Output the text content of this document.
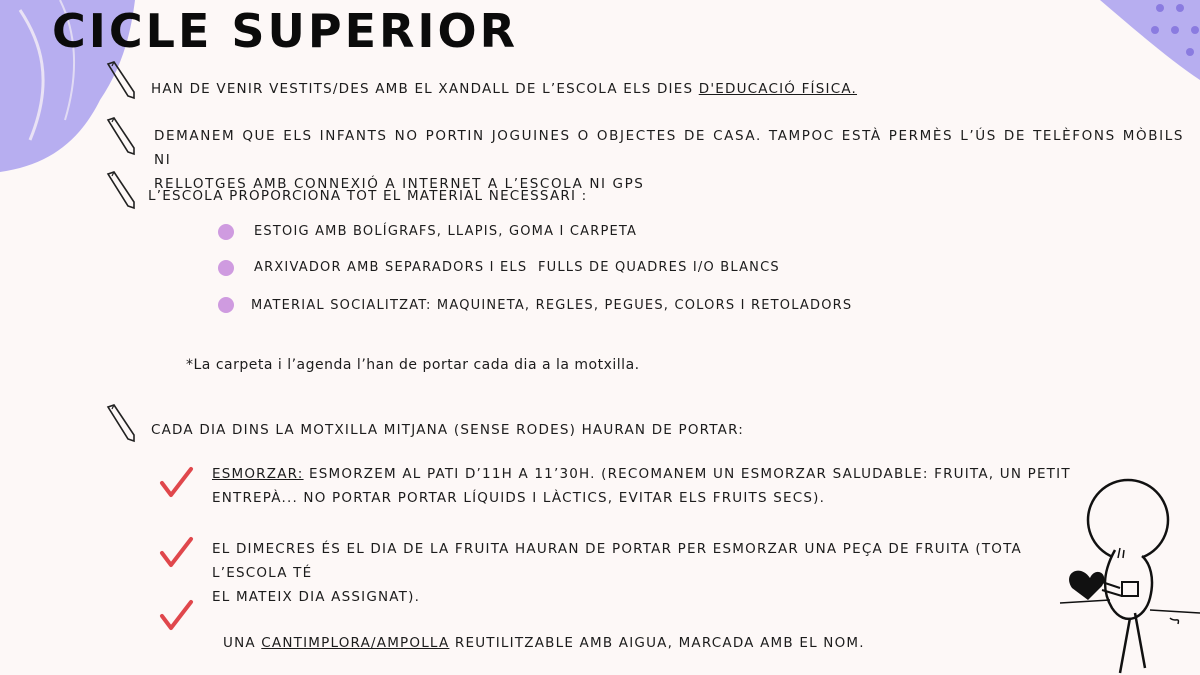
CICLE SUPERIOR
HAN DE VENIR VESTITS/DES AMB EL XANDALL DE L’ESCOLA ELS DIES D'EDUCACIÓ FÍSICA.
DEMANEM QUE ELS INFANTS NO PORTIN JOGUINES O OBJECTES DE CASA. TAMPOC ESTÀ PERMÈS L’ÚS DE TELÈFONS MÒBILS NI
RELLOTGES AMB CONNEXIÓ A INTERNET A L’ESCOLA NI GPS
L’ESCOLA PROPORCIONA TOT EL MATERIAL NECESSARI :
ESTOIG AMB BOLÍGRAFS, LLAPIS, GOMA I CARPETA
ARXIVADOR AMB SEPARADORS I ELS  FULLS DE QUADRES I/O BLANCS
MATERIAL SOCIALITZAT: MAQUINETA, REGLES, PEGUES, COLORS I RETOLADORS
*La carpeta i l’agenda l’han de portar cada dia a la motxilla.
CADA DIA DINS LA MOTXILLA MITJANA (SENSE RODES) HAURAN DE PORTAR:
ESMORZAR: ESMORZEM AL PATI D’11H A 11’30H. (RECOMANEM UN ESMORZAR SALUDABLE: FRUITA, UN PETIT
ENTREPÀ... NO PORTAR PORTAR LÍQUIDS I LÀCTICS, EVITAR ELS FRUITS SECS).
EL DIMECRES ÉS EL DIA DE LA FRUITA HAURAN DE PORTAR PER ESMORZAR UNA PEÇA DE FRUITA (TOTA L’ESCOLA TÉ
EL MATEIX DIA ASSIGNAT).

UNA CANTIMPLORA/AMPOLLA REUTILITZABLE AMB AIGUA, MARCADA AMB EL NOM.
